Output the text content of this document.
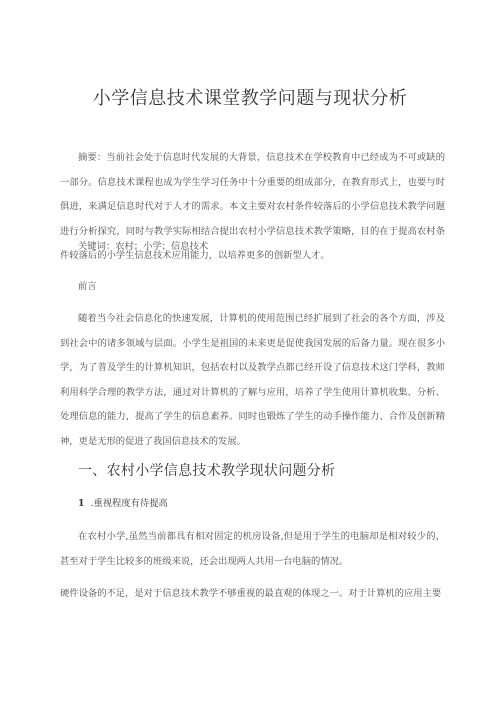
小学信息技术课堂教学问题与现状分析

摘要：当前社会处于信息时代发展的大背景，信息技术在学校教育中已经成为不可或缺的一部分。信息技术课程也成为学生学习任务中十分重要的组成部分，在教育形式上，也要与时俱进，来满足信息时代对于人才的需求。本文主要对农村条件较落后的小学信息技术教学问题进行分析探究，同时与教学实际相结合提出农村小学信息技术教学策略，目的在于提高农村条件较落后的小学生信息技术应用能力，以培养更多的创新型人才。

关键词：农村；小学；信息技术

前言

随着当今社会信息化的快速发展，计算机的使用范围已经扩展到了社会的各个方面，涉及到社会中的诸多领域与层面。小学生是祖国的未来更是促使我国发展的后备力量。现在很多小学，为了普及学生的计算机知识，包括农村以及教学点都已经开设了信息技术这门学科，教师利用科学合理的教学方法，通过对计算机的了解与应用，培养了学生使用计算机收集、分析、处理信息的能力，提高了学生的信息素养。同时也锻炼了学生的动手操作能力、合作及创新精神，更是无形的促进了我国信息技术的发展。

一、农村小学信息技术教学现状问题分析
1 .重视程度有待提高

在农村小学,虽然当前都具有相对固定的机房设备,但是用于学生的电脑却是相对较少的，甚至对于学生比较多的班级来说，还会出现两人共用一台电脑的情况。

硬件设备的不足，是对于信息技术教学不够重视的最直观的体现之一。对于计算机的应用主要
